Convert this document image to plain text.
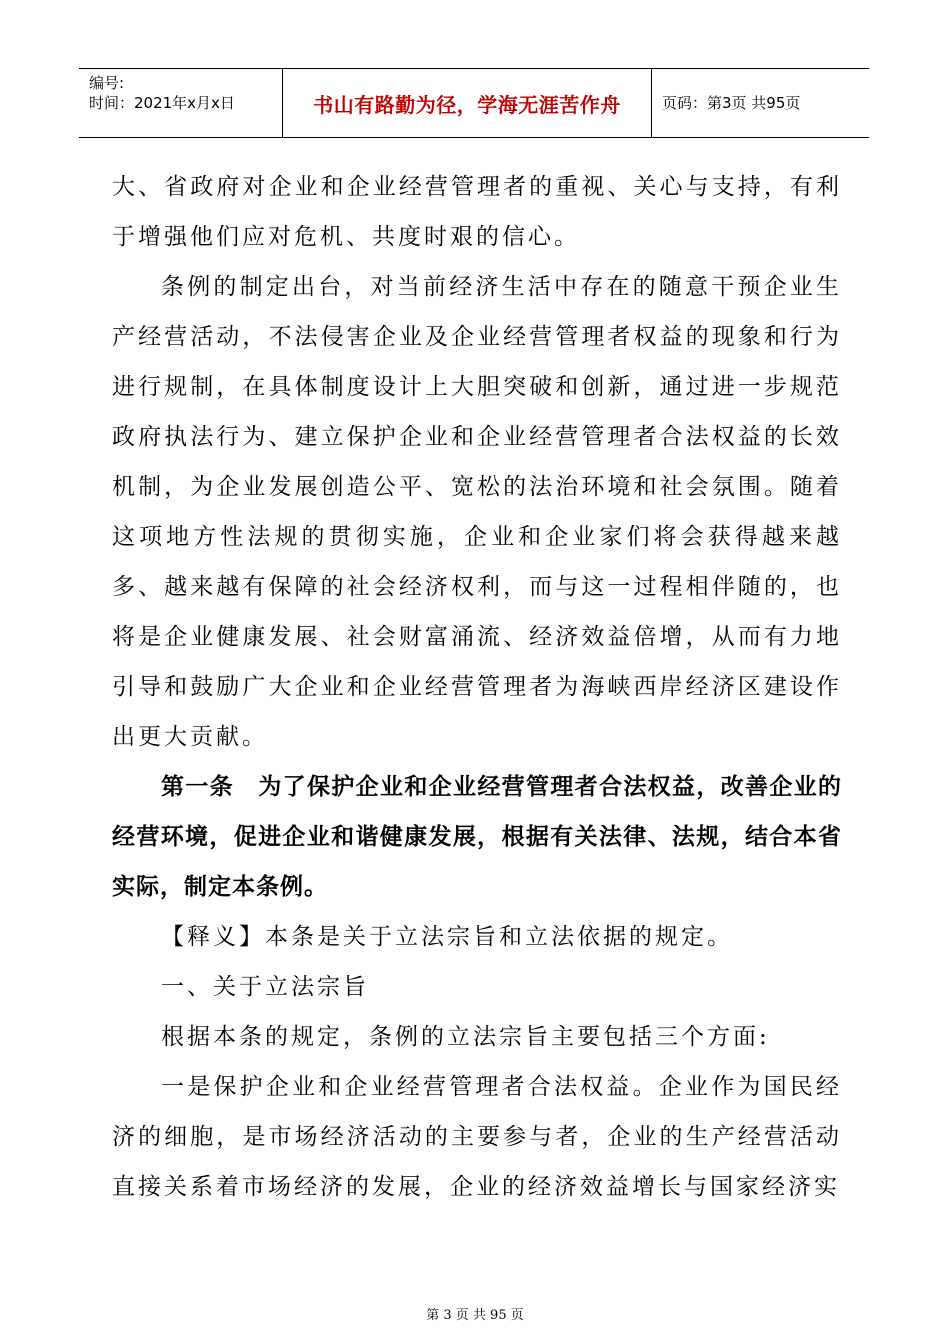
编号:
时间：2021年x月x日	书山有路勤为径，学海无涯苦作舟	页码：第3页 共95页

大、省政府对企业和企业经营管理者的重视、关心与支持，有利于增强他们应对危机、共度时艰的信心。

条例的制定出台，对当前经济生活中存在的随意干预企业生产经营活动，不法侵害企业及企业经营管理者权益的现象和行为进行规制，在具体制度设计上大胆突破和创新，通过进一步规范政府执法行为、建立保护企业和企业经营管理者合法权益的长效机制，为企业发展创造公平、宽松的法治环境和社会氛围。随着这项地方性法规的贯彻实施，企业和企业家们将会获得越来越多、越来越有保障的社会经济权利，而与这一过程相伴随的，也将是企业健康发展、社会财富涌流、经济效益倍增，从而有力地引导和鼓励广大企业和企业经营管理者为海峡西岸经济区建设作出更大贡献。

第一条　为了保护企业和企业经营管理者合法权益，改善企业的经营环境，促进企业和谐健康发展，根据有关法律、法规，结合本省实际，制定本条例。

【释义】本条是关于立法宗旨和立法依据的规定。

一、关于立法宗旨

根据本条的规定，条例的立法宗旨主要包括三个方面:

一是保护企业和企业经营管理者合法权益。企业作为国民经济的细胞，是市场经济活动的主要参与者，企业的生产经营活动直接关系着市场经济的发展，企业的经济效益增长与国家经济实

第 3 页 共 95 页
